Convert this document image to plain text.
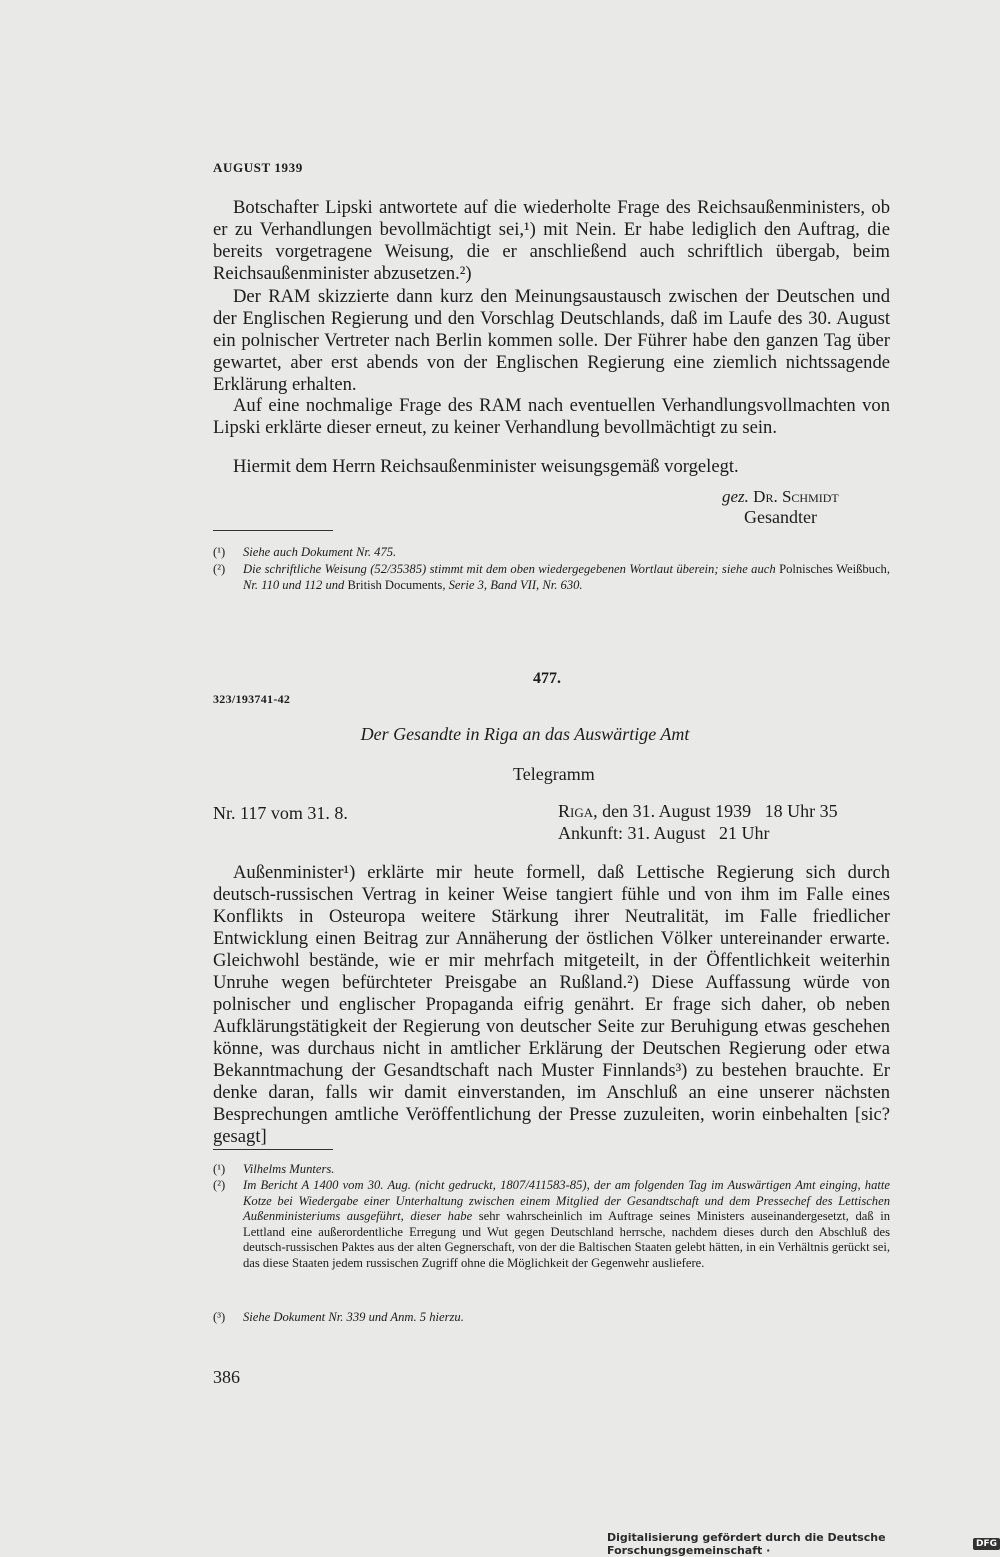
AUGUST 1939

Botschafter Lipski antwortete auf die wiederholte Frage des Reichsaußenministers, ob er zu Verhandlungen bevollmächtigt sei,¹) mit Nein. Er habe lediglich den Auftrag, die bereits vorgetragene Weisung, die er anschließend auch schriftlich übergab, beim Reichsaußenminister abzusetzen.²)

Der RAM skizzierte dann kurz den Meinungsaustausch zwischen der Deutschen und der Englischen Regierung und den Vorschlag Deutschlands, daß im Laufe des 30. August ein polnischer Vertreter nach Berlin kommen solle. Der Führer habe den ganzen Tag über gewartet, aber erst abends von der Englischen Regierung eine ziemlich nichtssagende Erklärung erhalten.

Auf eine nochmalige Frage des RAM nach eventuellen Verhandlungsvollmachten von Lipski erklärte dieser erneut, zu keiner Verhandlung bevollmächtigt zu sein.

Hiermit dem Herrn Reichsaußenminister weisungsgemäß vorgelegt.

gez. Dr. Schmidt
Gesandter
(¹) Siehe auch Dokument Nr. 475.
(²) Die schriftliche Weisung (52/35385) stimmt mit dem oben wiedergegebenen Wortlaut überein; siehe auch Polnisches Weißbuch, Nr. 110 und 112 und British Documents, Serie 3, Band VII, Nr. 630.
477.
323/193741-42
Der Gesandte in Riga an das Auswärtige Amt
Telegramm
Nr. 117 vom 31. 8.	Riga, den 31. August 1939   18 Uhr 35
Ankunft: 31. August   21 Uhr

Außenminister¹) erklärte mir heute formell, daß Lettische Regierung sich durch deutsch-russischen Vertrag in keiner Weise tangiert fühle und von ihm im Falle eines Konflikts in Osteuropa weitere Stärkung ihrer Neutralität, im Falle friedlicher Entwicklung einen Beitrag zur Annäherung der östlichen Völker untereinander erwarte. Gleichwohl bestände, wie er mir mehrfach mitgeteilt, in der Öffentlichkeit weiterhin Unruhe wegen befürchteter Preisgabe an Rußland.²) Diese Auffassung würde von polnischer und englischer Propaganda eifrig genährt. Er frage sich daher, ob neben Aufklärungstätigkeit der Regierung von deutscher Seite zur Beruhigung etwas geschehen könne, was durchaus nicht in amtlicher Erklärung der Deutschen Regierung oder etwa Bekanntmachung der Gesandtschaft nach Muster Finnlands³) zu bestehen brauchte. Er denke daran, falls wir damit einverstanden, im Anschluß an eine unserer nächsten Besprechungen amtliche Veröffentlichung der Presse zuzuleiten, worin einbehalten [sic? gesagt]

(¹) Vilhelms Munters.
(²) Im Bericht A 1400 vom 30. Aug. (nicht gedruckt, 1807/411583-85), der am folgenden Tag im Auswärtigen Amt einging, hatte Kotze bei Wiedergabe einer Unterhaltung zwischen einem Mitglied der Gesandtschaft und dem Pressechef des Lettischen Außenministeriums ausgeführt, dieser habe sehr wahrscheinlich im Auftrage seines Ministers auseinandergesetzt, daß in Lettland eine außerordentliche Erregung und Wut gegen Deutschland herrsche, nachdem dieses durch den Abschluß des deutsch-russischen Paktes aus der alten Gegnerschaft, von der die Baltischen Staaten gelebt hätten, in ein Verhältnis gerückt sei, das diese Staaten jedem russischen Zugriff ohne die Möglichkeit der Gegenwehr ausliefere.
(³) Siehe Dokument Nr. 339 und Anm. 5 hierzu.
386
Digitalisierung gefördert durch die Deutsche Forschungsgemeinschaft ·	DFG
